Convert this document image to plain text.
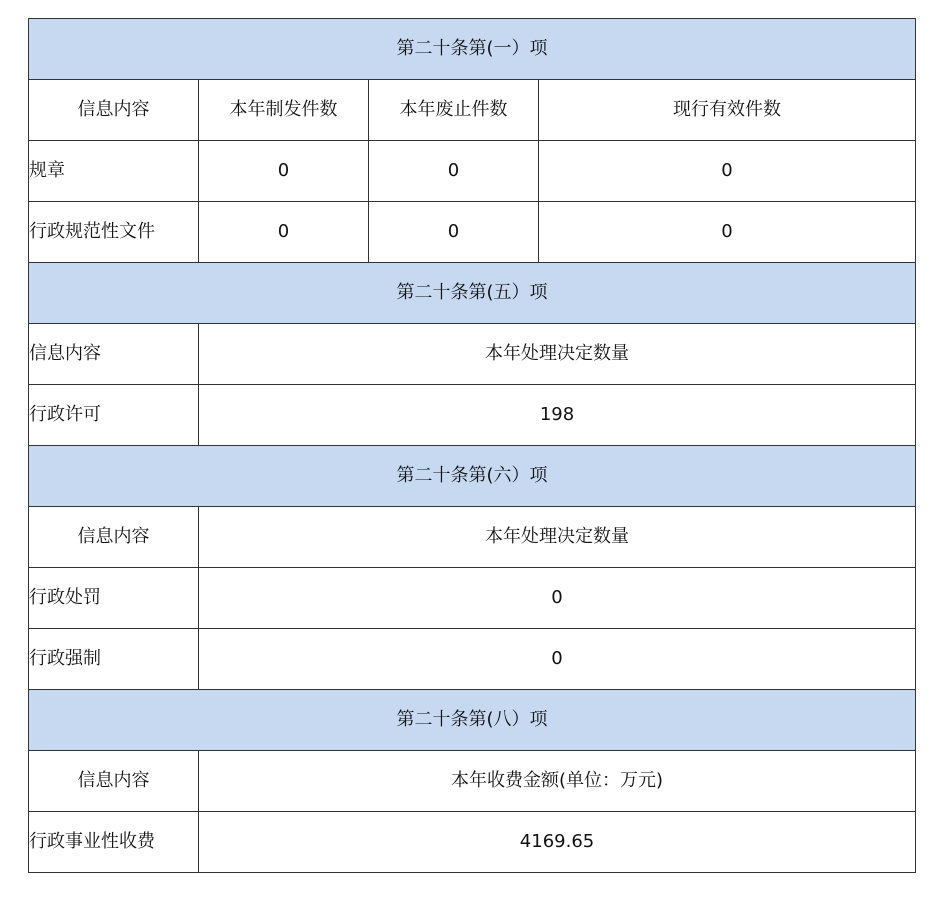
第二十条第(一）项			
信息内容	本年制发件数	本年废止件数	现行有效件数
规章	0	0	0
行政规范性文件	0	0	0
第二十条第(五）项			
信息内容	本年处理决定数量		
行政许可	198		
第二十条第(六）项			
信息内容	本年处理决定数量		
行政处罚	0		
行政强制	0		
第二十条第(八）项			
信息内容	本年收费金额(单位：万元)		
行政事业性收费	4169.65		
